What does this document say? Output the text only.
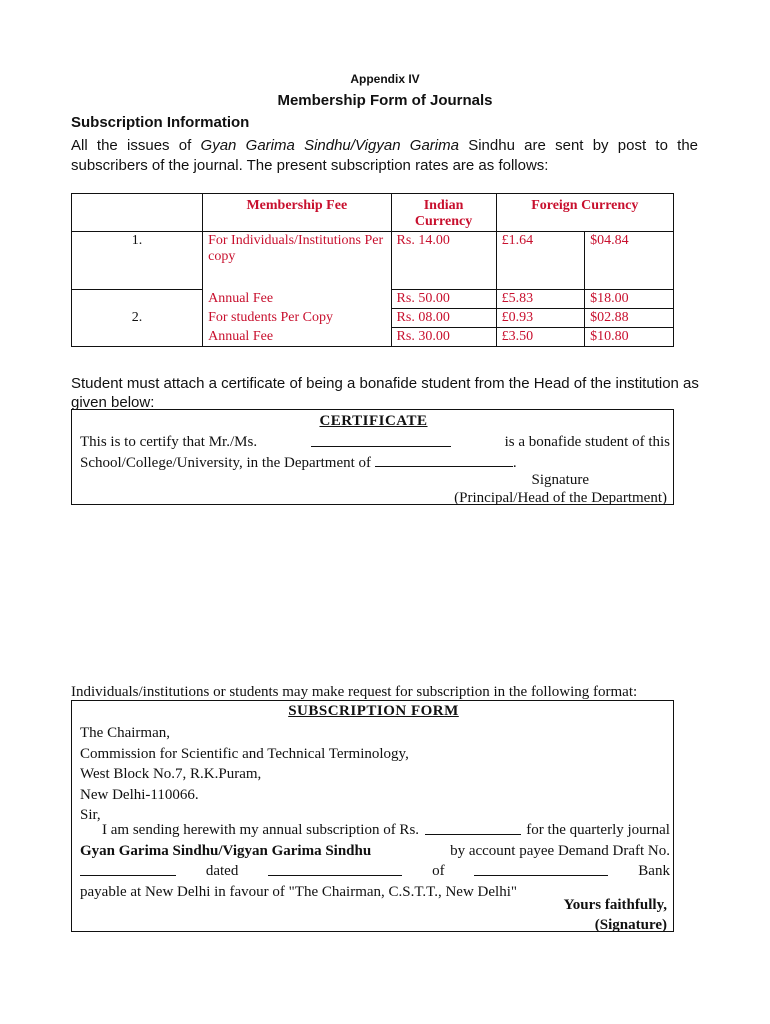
Appendix IV
Membership Form of Journals
Subscription Information
All the issues of Gyan Garima Sindhu/Vigyan Garima Sindhu are sent by post to the subscribers of the journal. The present subscription rates are as follows:
	Membership Fee	Indian Currency	Foreign Currency	
1.	For Individuals/Institutions Per copy	Rs. 14.00	£1.64	$04.84
	Annual Fee	Rs. 50.00	£5.83	$18.00
2.	For students Per Copy	Rs. 08.00	£0.93	$02.88
	Annual Fee	Rs. 30.00	£3.50	$10.80
Student must attach a certificate of being a bonafide student from the Head of the institution as given below:
CERTIFICATE
This is to certify that Mr./Ms.	is a bonafide student of this
School/College/University, in the Department of	.
Signature
(Principal/Head of the Department)
Individuals/institutions or students may make request for subscription in the following format:
SUBSCRIPTION FORM
The Chairman,
Commission for Scientific and Technical Terminology,
West Block No.7, R.K.Puram,
New Delhi-110066.
Sir,
I am sending herewith my annual subscription of Rs.	for the quarterly journal
Gyan Garima Sindhu/Vigyan Garima Sindhu	by account payee Demand Draft No.
dated	of	Bank
payable at New Delhi in favour of "The Chairman, C.S.T.T., New Delhi"
Yours faithfully,
(Signature)
